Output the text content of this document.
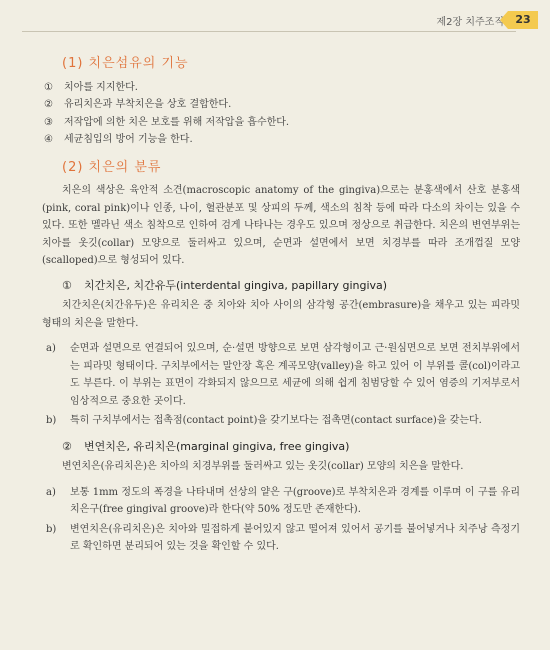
제2장 치주조직	23
(1) 치은섬유의 기능
①	치아를 지지한다.
②	유리치은과 부착치은을 상호 결합한다.
③	저작압에 의한 치은 보호를 위해 저작압을 흡수한다.
④	세균침입의 방어 기능을 한다.
(2) 치은의 분류

치은의 색상은 육안적 소견(macroscopic anatomy of the gingiva)으로는 분홍색에서 산호 분홍색(pink, coral pink)이나 인종, 나이, 혈관분포 및 상피의 두께, 색소의 침착 등에 따라 다소의 차이는 있을 수 있다. 또한 멜라닌 색소 침착으로 인하여 검게 나타나는 경우도 있으며 정상으로 취급한다. 치은의 변연부위는 치아를 옷깃(collar) 모양으로 둘러싸고 있으며, 순면과 설면에서 보면 치경부를 따라 조개껍질 모양(scalloped)으로 형성되어 있다.

① 치간치은, 치간유두(interdental gingiva, papillary gingiva)

치간치은(치간유두)은 유리치은 중 치아와 치아 사이의 삼각형 공간(embrasure)을 채우고 있는 피라밋 형태의 치은을 말한다.

a)	순면과 설면으로 연결되어 있으며, 순·설면 방향으로 보면 삼각형이고 근·원심면으로 보면 전치부위에서는 피라밋 형태이다. 구치부에서는 말안장 혹은 계곡모양(valley)을 하고 있어 이 부위를 콜(col)이라고도 부른다. 이 부위는 표면이 각화되지 않으므로 세균에 의해 쉽게 침범당할 수 있어 염증의 기저부로서 임상적으로 중요한 곳이다.
b)	특히 구치부에서는 접촉점(contact point)을 갖기보다는 접촉면(contact surface)을 갖는다.
② 변연치은, 유리치은(marginal gingiva, free gingiva)

변연치은(유리치은)은 치아의 치경부위를 둘러싸고 있는 옷깃(collar) 모양의 치은을 말한다.

a)	보통 1mm 정도의 폭경을 나타내며 선상의 얕은 구(groove)로 부착치은과 경계를 이루며 이 구를 유리치은구(free gingival groove)라 한다(약 50% 정도만 존재한다).
b)	변연치은(유리치은)은 치아와 밀접하게 붙어있지 않고 떨어져 있어서 공기를 불어넣거나 치주낭 측정기로 확인하면 분리되어 있는 것을 확인할 수 있다.
